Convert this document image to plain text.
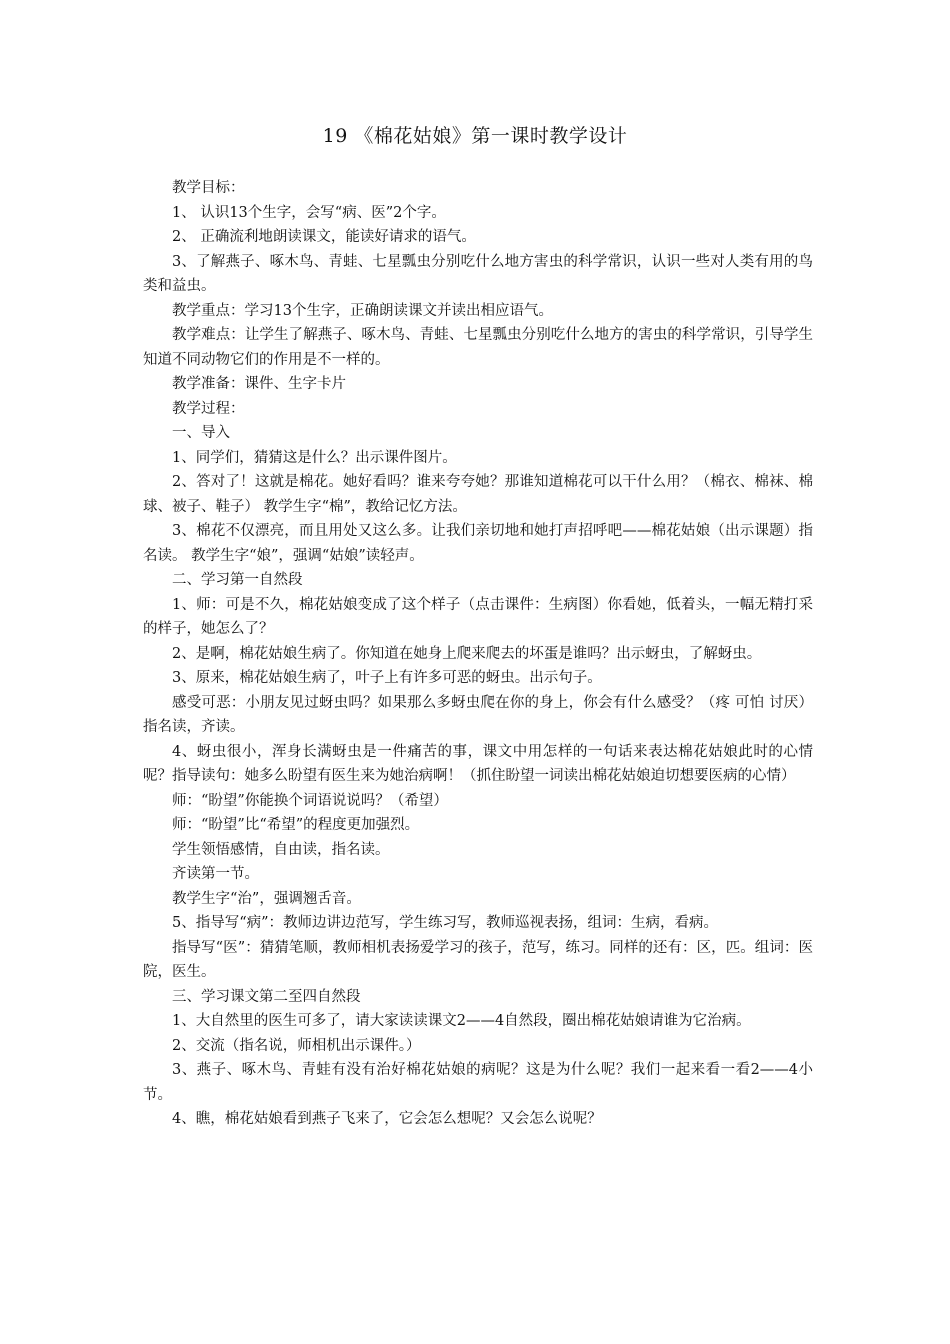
19 《棉花姑娘》第一课时教学设计

教学目标：

1、 认识13个生字，会写“病、医”2个字。

2、 正确流利地朗读课文，能读好请求的语气。

3、了解燕子、啄木鸟、青蛙、七星瓢虫分别吃什么地方害虫的科学常识，认识一些对人类有用的鸟类和益虫。

教学重点：学习13个生字，正确朗读课文并读出相应语气。

教学难点：让学生了解燕子、啄木鸟、青蛙、七星瓢虫分别吃什么地方的害虫的科学常识，引导学生知道不同动物它们的作用是不一样的。

教学准备：课件、生字卡片

教学过程：

一、导入

1、同学们，猜猜这是什么？出示课件图片。

2、答对了！这就是棉花。她好看吗？谁来夸夸她？那谁知道棉花可以干什么用？（棉衣、棉袜、棉球、被子、鞋子） 教学生字“棉”，教给记忆方法。

3、棉花不仅漂亮，而且用处又这么多。让我们亲切地和她打声招呼吧——棉花姑娘（出示课题）指名读。 教学生字“娘”，强调“姑娘”读轻声。

二、学习第一自然段

1、师：可是不久，棉花姑娘变成了这个样子（点击课件：生病图）你看她，低着头，一幅无精打采的样子，她怎么了？

2、是啊，棉花姑娘生病了。你知道在她身上爬来爬去的坏蛋是谁吗？出示蚜虫，了解蚜虫。

3、原来，棉花姑娘生病了，叶子上有许多可恶的蚜虫。出示句子。

感受可恶：小朋友见过蚜虫吗？如果那么多蚜虫爬在你的身上，你会有什么感受？（疼 可怕 讨厌）指名读，齐读。

4、蚜虫很小，浑身长满蚜虫是一件痛苦的事，课文中用怎样的一句话来表达棉花姑娘此时的心情呢？指导读句：她多么盼望有医生来为她治病啊！（抓住盼望一词读出棉花姑娘迫切想要医病的心情）

师：“盼望”你能换个词语说说吗？（希望）

师：“盼望”比“希望”的程度更加强烈。

学生领悟感情，自由读，指名读。

齐读第一节。

教学生字“治”，强调翘舌音。

5、指导写“病”：教师边讲边范写，学生练习写，教师巡视表扬，组词：生病，看病。

指导写“医”：猜猜笔顺，教师相机表扬爱学习的孩子，范写，练习。同样的还有：区，匹。组词：医院，医生。

三、学习课文第二至四自然段

1、大自然里的医生可多了，请大家读读课文2——4自然段，圈出棉花姑娘请谁为它治病。

2、交流（指名说，师相机出示课件。）

3、燕子、啄木鸟、青蛙有没有治好棉花姑娘的病呢？这是为什么呢？我们一起来看一看2——4小节。

4、瞧，棉花姑娘看到燕子飞来了，它会怎么想呢？又会怎么说呢？
